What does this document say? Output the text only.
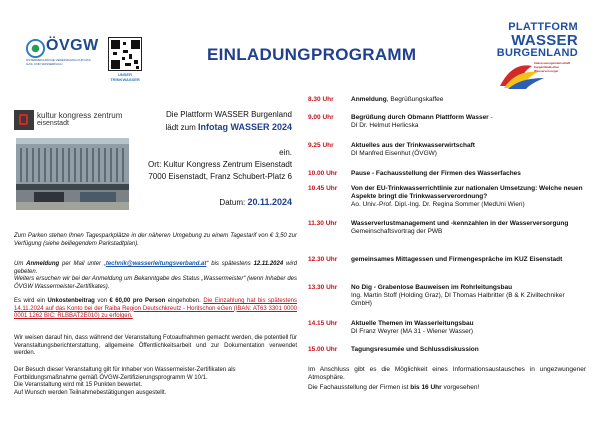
ÖVGW
ÖSTERREICHISCHE VEREINIGUNG FÜR DAS GAS- UND WASSERFACH
UNSER
TRINKWASSER
EINLADUNG PROGRAMM
PLATTFORM
WASSER
BURGENLAND
Interessensgemeinschaft burgenländischer Wasserversorger
kultur kongress zentrum
eisenstadt
Die Plattform WASSER Burgenland
lädt zum Infotag WASSER 2024
ein.
Ort: Kultur Kongress Zentrum Eisenstadt
7000 Eisenstadt, Franz Schubert-Platz 6
Datum: 20.11.2024
Zum Parken stehen Ihnen Tagesparkplätze in der näheren Umgebung zu einem Tagestarif von € 3,50 zur Verfügung (siehe beiliegendem Parkstadtplan).
Um Anmeldung per Mail unter „technik@wasserleitungsverband.at“ bis spätestens 12.11.2024 wird gebeten.
Weiters ersuchen wir bei der Anmeldung um Bekanntgabe des Status „Wassermeister“ (wenn Inhaber des ÖVGW Wassermeister-Zertifikates).
Es wird ein Unkostenbeitrag von € 60,00 pro Person eingehoben. Die Einzahlung hat bis spätestens 14.11.2024 auf das Konto bei der Raiba Region Deutschkreutz - Horitschon eGen (IBAN: AT63 3301 0000 0001 1262 BIC: RLBBAT2E010) zu erfolgen.
Wir weisen darauf hin, dass während der Veranstaltung Fotoaufnahmen gemacht werden, die potentiell für Veranstaltungsberichterstattung, allgemeine Öffentlichkeitsarbeit und zur Dokumentation verwendet werden.
Der Besuch dieser Veranstaltung gilt für Inhaber von Wassermeister-Zertifikaten als Fortbildungsmaßnahme gemäß ÖVGW-Zertifizierungsprogramm W 10/1.
Die Veranstaltung wird mit 15 Punkten bewertet.
Auf Wunsch werden Teilnahmebestätigungen ausgestellt.
8.30 Uhr	Anmeldung, Begrüßungskaffee
9.00 Uhr	Begrüßung durch Obmann Plattform Wasser -
DI Dr. Helmut Herlicska
9.25 Uhr	Aktuelles aus der Trinkwasserwirtschaft
DI Manfred Eisenhut (ÖVGW)
10.00 Uhr	Pause - Fachausstellung der Firmen des Wasserfaches
10.45 Uhr	Von der EU-Trinkwasserrichtlinie zur nationalen Umsetzung: Welche neuen Aspekte bringt die Trinkwasserverordnung?
Ao. Univ.-Prof. Dipl.-Ing. Dr. Regina Sommer (MedUni Wien)
11.30 Uhr	Wasserverlustmanagement und -kennzahlen in der Wasserversorgung
Gemeinschaftsvortrag der PWB
12.30 Uhr	gemeinsames Mittagessen und Firmengespräche im KUZ Eisenstadt
13.30 Uhr	No Dig - Grabenlose Bauweisen im Rohrleitungsbau
Ing. Martin Stoff (Holding Graz), DI Thomas Halbritter (B & K Ziviltechniker GmbH)
14.15 Uhr	Aktuelle Themen im Wasserleitungsbau
DI Franz Weyrer (MA 31 - Wiener Wasser)
15.00 Uhr	Tagungsresumée und Schlussdiskussion
Im Anschluss gibt es die Möglichkeit eines Informationsaustausches in ungezwungener Atmosphäre.
Die Fachausstellung der Firmen ist bis 16 Uhr vorgesehen!
